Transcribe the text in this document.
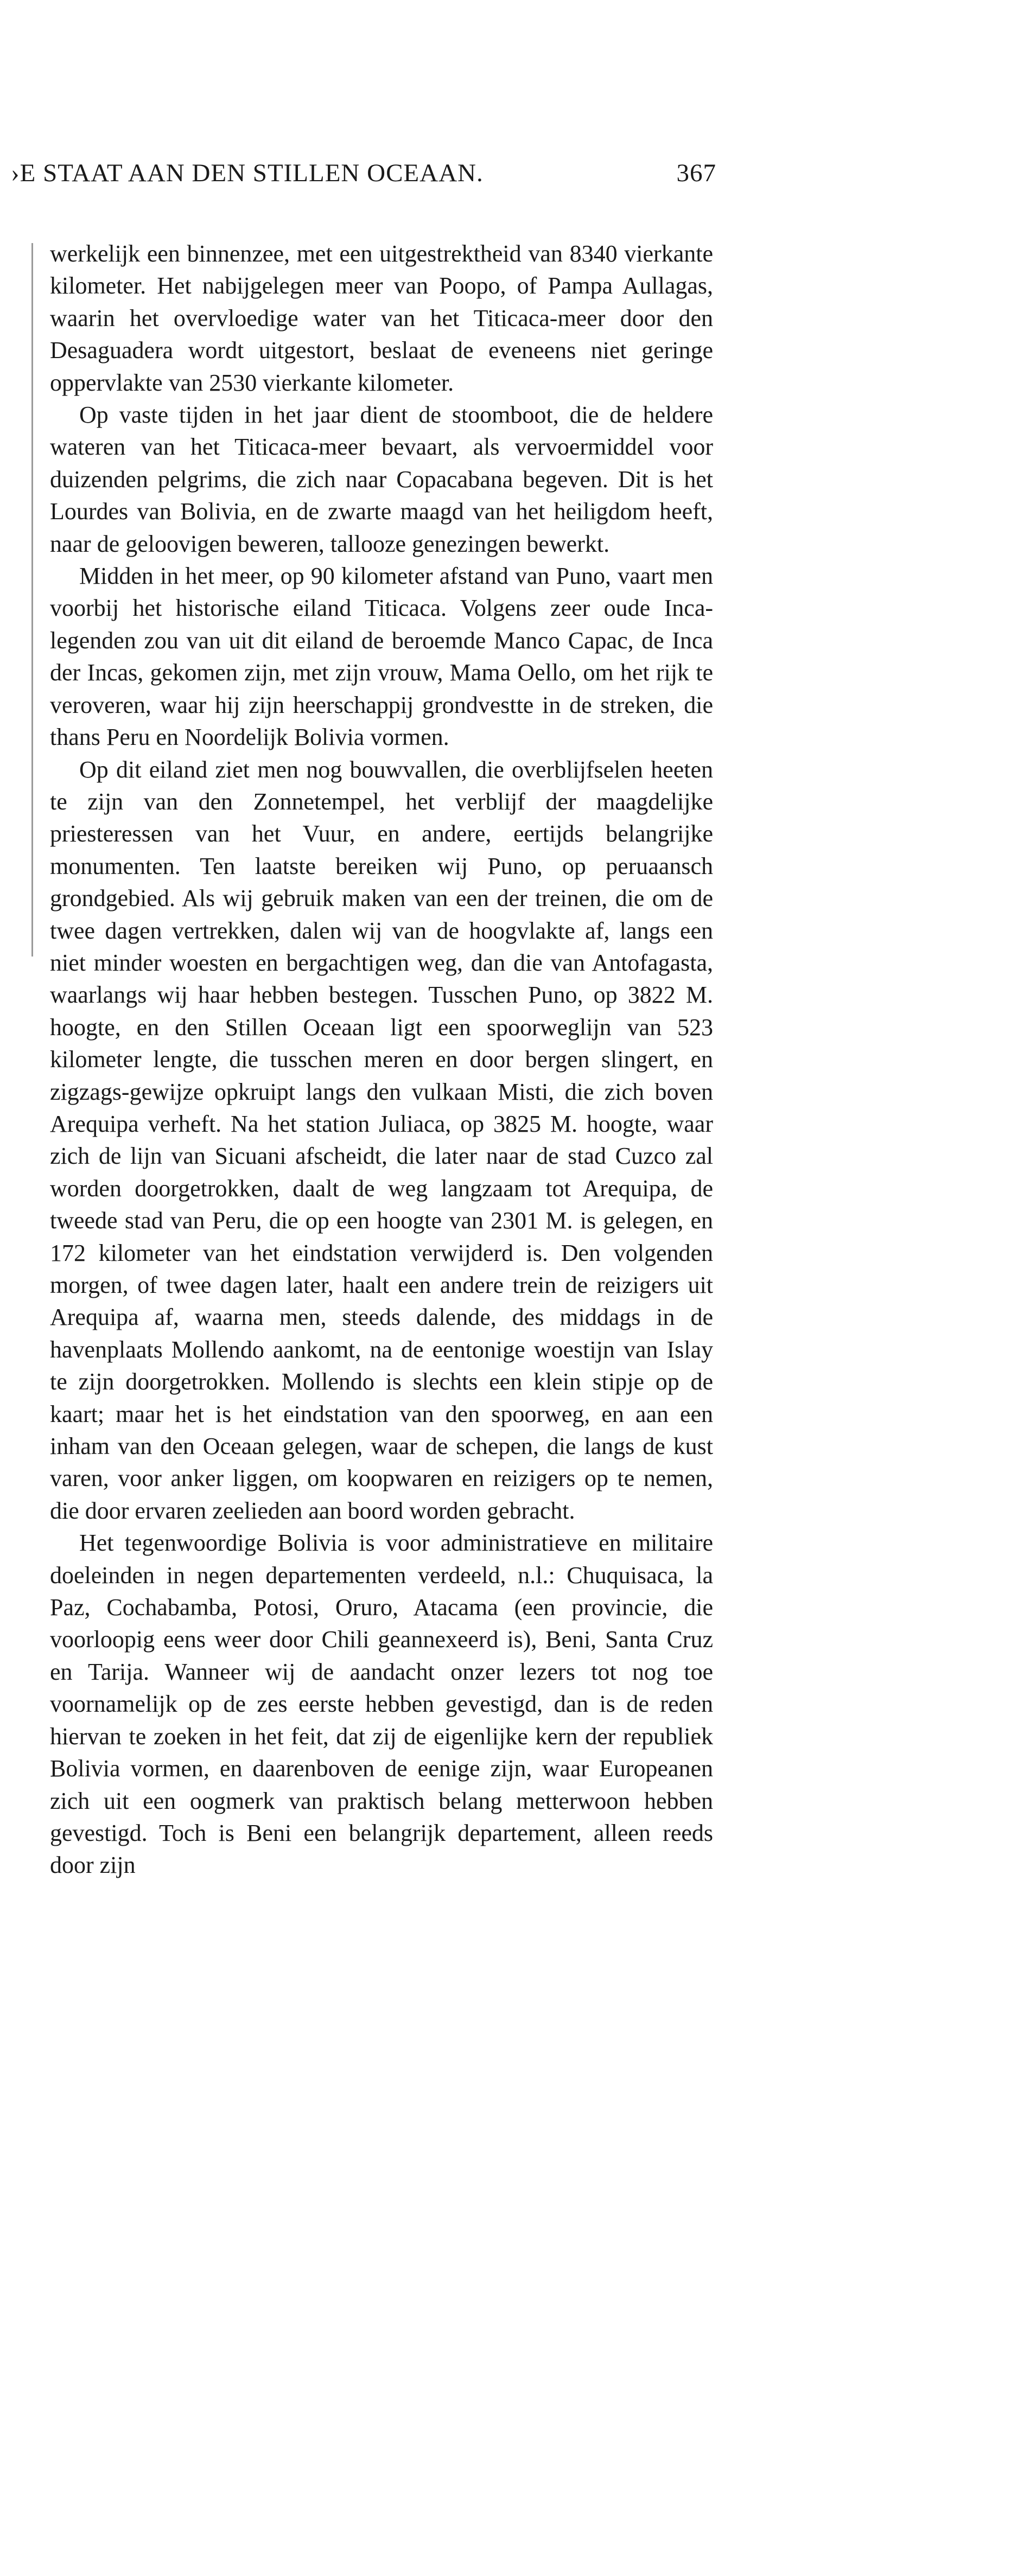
›E STAAT AAN DEN STILLEN OCEAAN.	367

werkelijk een binnenzee, met een uitgestrektheid van 8340 vierkante kilometer. Het nabijgelegen meer van Poopo, of Pampa Aullagas, waarin het overvloedige water van het Titicaca-meer door den Desaguadera wordt uitgestort, beslaat de eveneens niet geringe oppervlakte van 2530 vierkante kilometer.

Op vaste tijden in het jaar dient de stoomboot, die de heldere wateren van het Titicaca-meer bevaart, als vervoermiddel voor duizenden pelgrims, die zich naar Copacabana begeven. Dit is het Lourdes van Bolivia, en de zwarte maagd van het heiligdom heeft, naar de geloovigen beweren, tallooze genezingen bewerkt.

Midden in het meer, op 90 kilometer afstand van Puno, vaart men voorbij het historische eiland Titicaca. Volgens zeer oude Inca-legenden zou van uit dit eiland de beroemde Manco Capac, de Inca der Incas, gekomen zijn, met zijn vrouw, Mama Oello, om het rijk te veroveren, waar hij zijn heerschappij grondvestte in de streken, die thans Peru en Noordelijk Bolivia vormen.

Op dit eiland ziet men nog bouwvallen, die overblijfselen heeten te zijn van den Zonnetempel, het verblijf der maagdelijke priesteressen van het Vuur, en andere, eertijds belangrijke monumenten. Ten laatste bereiken wij Puno, op peruaansch grondgebied. Als wij gebruik maken van een der treinen, die om de twee dagen vertrekken, dalen wij van de hoogvlakte af, langs een niet minder woesten en bergachtigen weg, dan die van Antofagasta, waarlangs wij haar hebben bestegen. Tusschen Puno, op 3822 M. hoogte, en den Stillen Oceaan ligt een spoorweglijn van 523 kilometer lengte, die tusschen meren en door bergen slingert, en zigzags-gewijze opkruipt langs den vulkaan Misti, die zich boven Arequipa verheft. Na het station Juliaca, op 3825 M. hoogte, waar zich de lijn van Sicuani afscheidt, die later naar de stad Cuzco zal worden doorgetrokken, daalt de weg langzaam tot Arequipa, de tweede stad van Peru, die op een hoogte van 2301 M. is gelegen, en 172 kilometer van het eindstation verwijderd is. Den volgenden morgen, of twee dagen later, haalt een andere trein de reizigers uit Arequipa af, waarna men, steeds dalende, des middags in de havenplaats Mollendo aankomt, na de eentonige woestijn van Islay te zijn doorgetrokken. Mollendo is slechts een klein stipje op de kaart; maar het is het eindstation van den spoorweg, en aan een inham van den Oceaan gelegen, waar de schepen, die langs de kust varen, voor anker liggen, om koopwaren en reizigers op te nemen, die door ervaren zeelieden aan boord worden gebracht.

Het tegenwoordige Bolivia is voor administratieve en militaire doeleinden in negen departementen verdeeld, n.l.: Chuquisaca, la Paz, Cochabamba, Potosi, Oruro, Atacama (een provincie, die voorloopig eens weer door Chili geannexeerd is), Beni, Santa Cruz en Tarija. Wanneer wij de aandacht onzer lezers tot nog toe voornamelijk op de zes eerste hebben gevestigd, dan is de reden hiervan te zoeken in het feit, dat zij de eigenlijke kern der republiek Bolivia vormen, en daarenboven de eenige zijn, waar Europeanen zich uit een oogmerk van praktisch belang metterwoon hebben gevestigd. Toch is Beni een belangrijk departement, alleen reeds door zijn
